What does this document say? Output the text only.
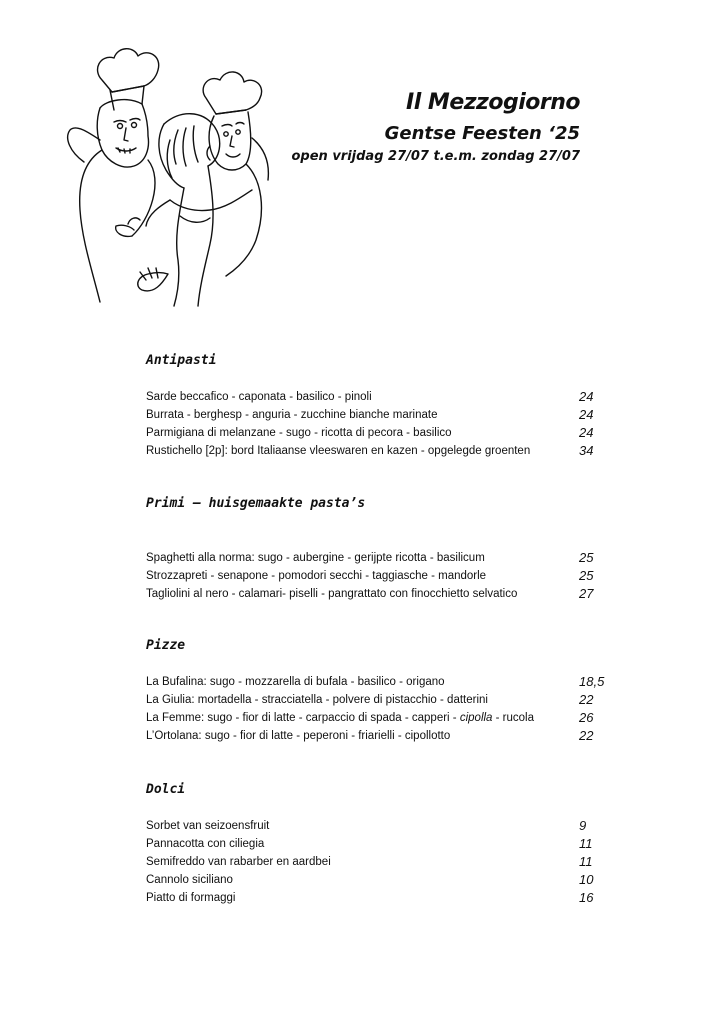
Il Mezzogiorno
Gentse Feesten ‘25
open vrijdag 27/07 t.e.m. zondag 27/07
Antipasti
Sarde beccafico - caponata - basilico - pinoli	24
Burrata - berghesp - anguria - zucchine bianche marinate	24
Parmigiana di melanzane - sugo - ricotta di pecora - basilico	24
Rustichello [2p]: bord Italiaanse vleeswaren en kazen - opgelegde groenten	34
Primi – huisgemaakte pasta’s
Spaghetti alla norma: sugo - aubergine - gerijpte ricotta - basilicum	25
Strozzapreti - senapone - pomodori secchi - taggiasche - mandorle	25
Tagliolini al nero - calamari- piselli - pangrattato con finocchietto selvatico	27
Pizze
La Bufalina: sugo - mozzarella di bufala - basilico - origano	18,5
La Giulia: mortadella - stracciatella - polvere di pistacchio - datterini	22
La Femme: sugo - fior di latte - carpaccio di spada - capperi - cipolla - rucola	26
L’Ortolana: sugo - fior di latte - peperoni - friarielli - cipollotto	22
Dolci
Sorbet van seizoensfruit	9
Pannacotta con ciliegia	11
Semifreddo van rabarber en aardbei	11
Cannolo siciliano	10
Piatto di formaggi	16
